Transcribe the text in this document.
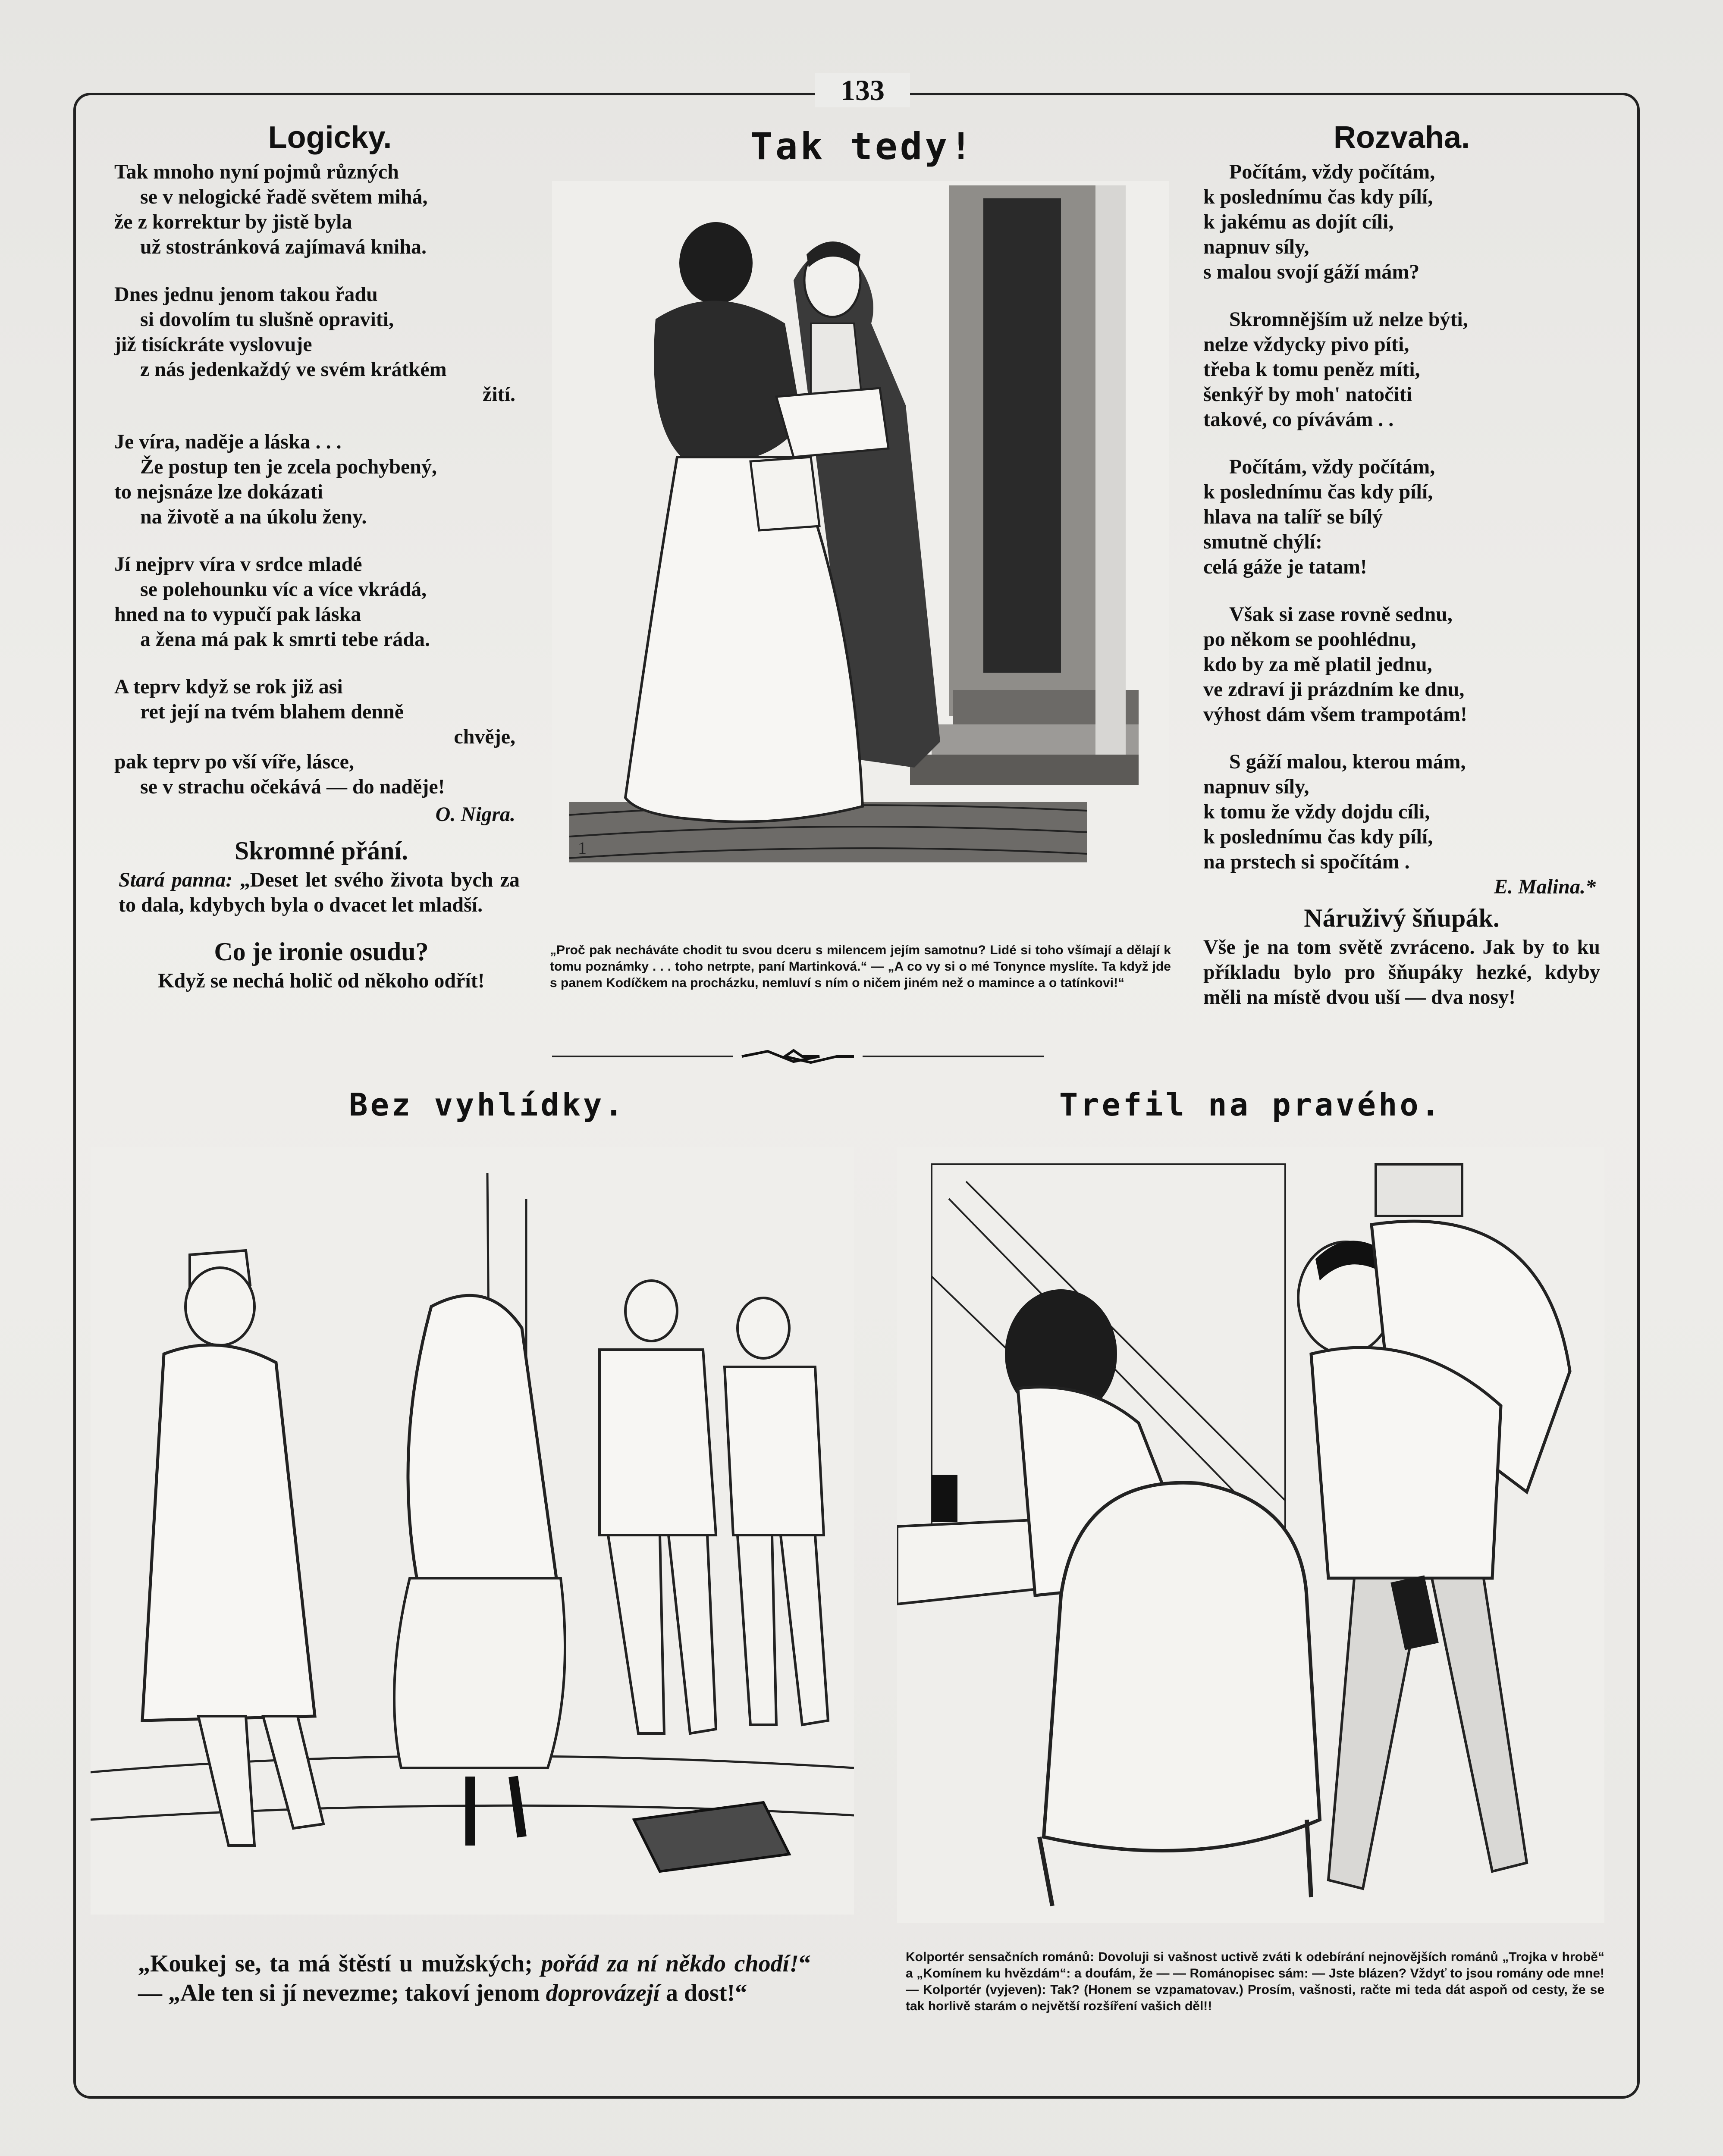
133
Logicky.

Tak mnoho nyní pojmů různých

se v nelogické řadě světem mihá,

že z korrektur by jistě byla

už stostránková zajímavá kniha.

Dnes jednu jenom takou řadu

si dovolím tu slušně opraviti,

již tisíckráte vyslovuje

z nás jedenkaždý ve svém krátkém

žití.

Je víra, naděje a láska . . .

Že postup ten je zcela pochybený,

to nejsnáze lze dokázati

na životě a na úkolu ženy.

Jí nejprv víra v srdce mladé

se polehounku víc a více vkrádá,

hned na to vypučí pak láska

a žena má pak k smrti tebe ráda.

A teprv když se rok již asi

ret její na tvém blahem denně

chvěje,

pak teprv po vší víře, lásce,

se v strachu očekává — do naděje!

O. Nigra.

Skromné přání.
Stará panna: „Deset let svého života bych za to dala, kdybych byla o dvacet let mladší.
Co je ironie osudu?
Když se nechá holič od někoho odřít!
Tak tedy!
1
„Proč pak necháváte chodit tu svou dceru s milencem jejím samotnu? Lidé si toho všímají a dělají k tomu poznámky . . . toho netrpte, paní Martinková.“ — „A co vy si o mé Tonynce myslíte. Ta když jde s panem Kodíčkem na procházku, nemluví s ním o ničem jiném než o mamince a o tatínkovi!“
Rozvaha.

Počítám, vždy počítám,

k poslednímu čas kdy pílí,

k jakému as dojít cíli,

napnuv síly,

s malou svojí gáží mám?

Skromnějším už nelze býti,

nelze vždycky pivo píti,

třeba k tomu peněz míti,

šenkýř by moh' natočiti

takové, co pívávám . .

Počítám, vždy počítám,

k poslednímu čas kdy pílí,

hlava na talíř se bílý

smutně chýlí:

celá gáže je tatam!

Však si zase rovně sednu,

po někom se poohlédnu,

kdo by za mě platil jednu,

ve zdraví ji prázdním ke dnu,

výhost dám všem trampotám!

S gáží malou, kterou mám,

napnuv síly,

k tomu že vždy dojdu cíli,

k poslednímu čas kdy pílí,

na prstech si spočítám .

E. Malina.*

Náruživý šňupák.
Vše je na tom světě zvráceno. Jak by to ku příkladu bylo pro šňupáky hezké, kdyby měli na místě dvou uší — dva nosy!
Bez vyhlídky.
„Koukej se, ta má štěstí u mužských; pořád za ní někdo chodí!“ — „Ale ten si jí nevezme; takoví jenom doprovázejí a dost!“
Trefil na pravého.
Kolportér sensačních románů: Dovoluji si vašnost uctivě zváti k odebírání nejnovějších románů „Trojka v hrobě“ a „Komínem ku hvězdám“: a doufám, že — — Románopisec sám: — Jste blázen? Vždyť to jsou romány ode mne! — Kolportér (vyjeven): Tak? (Honem se vzpamatovav.) Prosím, vašnosti, račte mi teda dát aspoň od cesty, že se tak horlivě starám o největší rozšíření vašich děl!!
